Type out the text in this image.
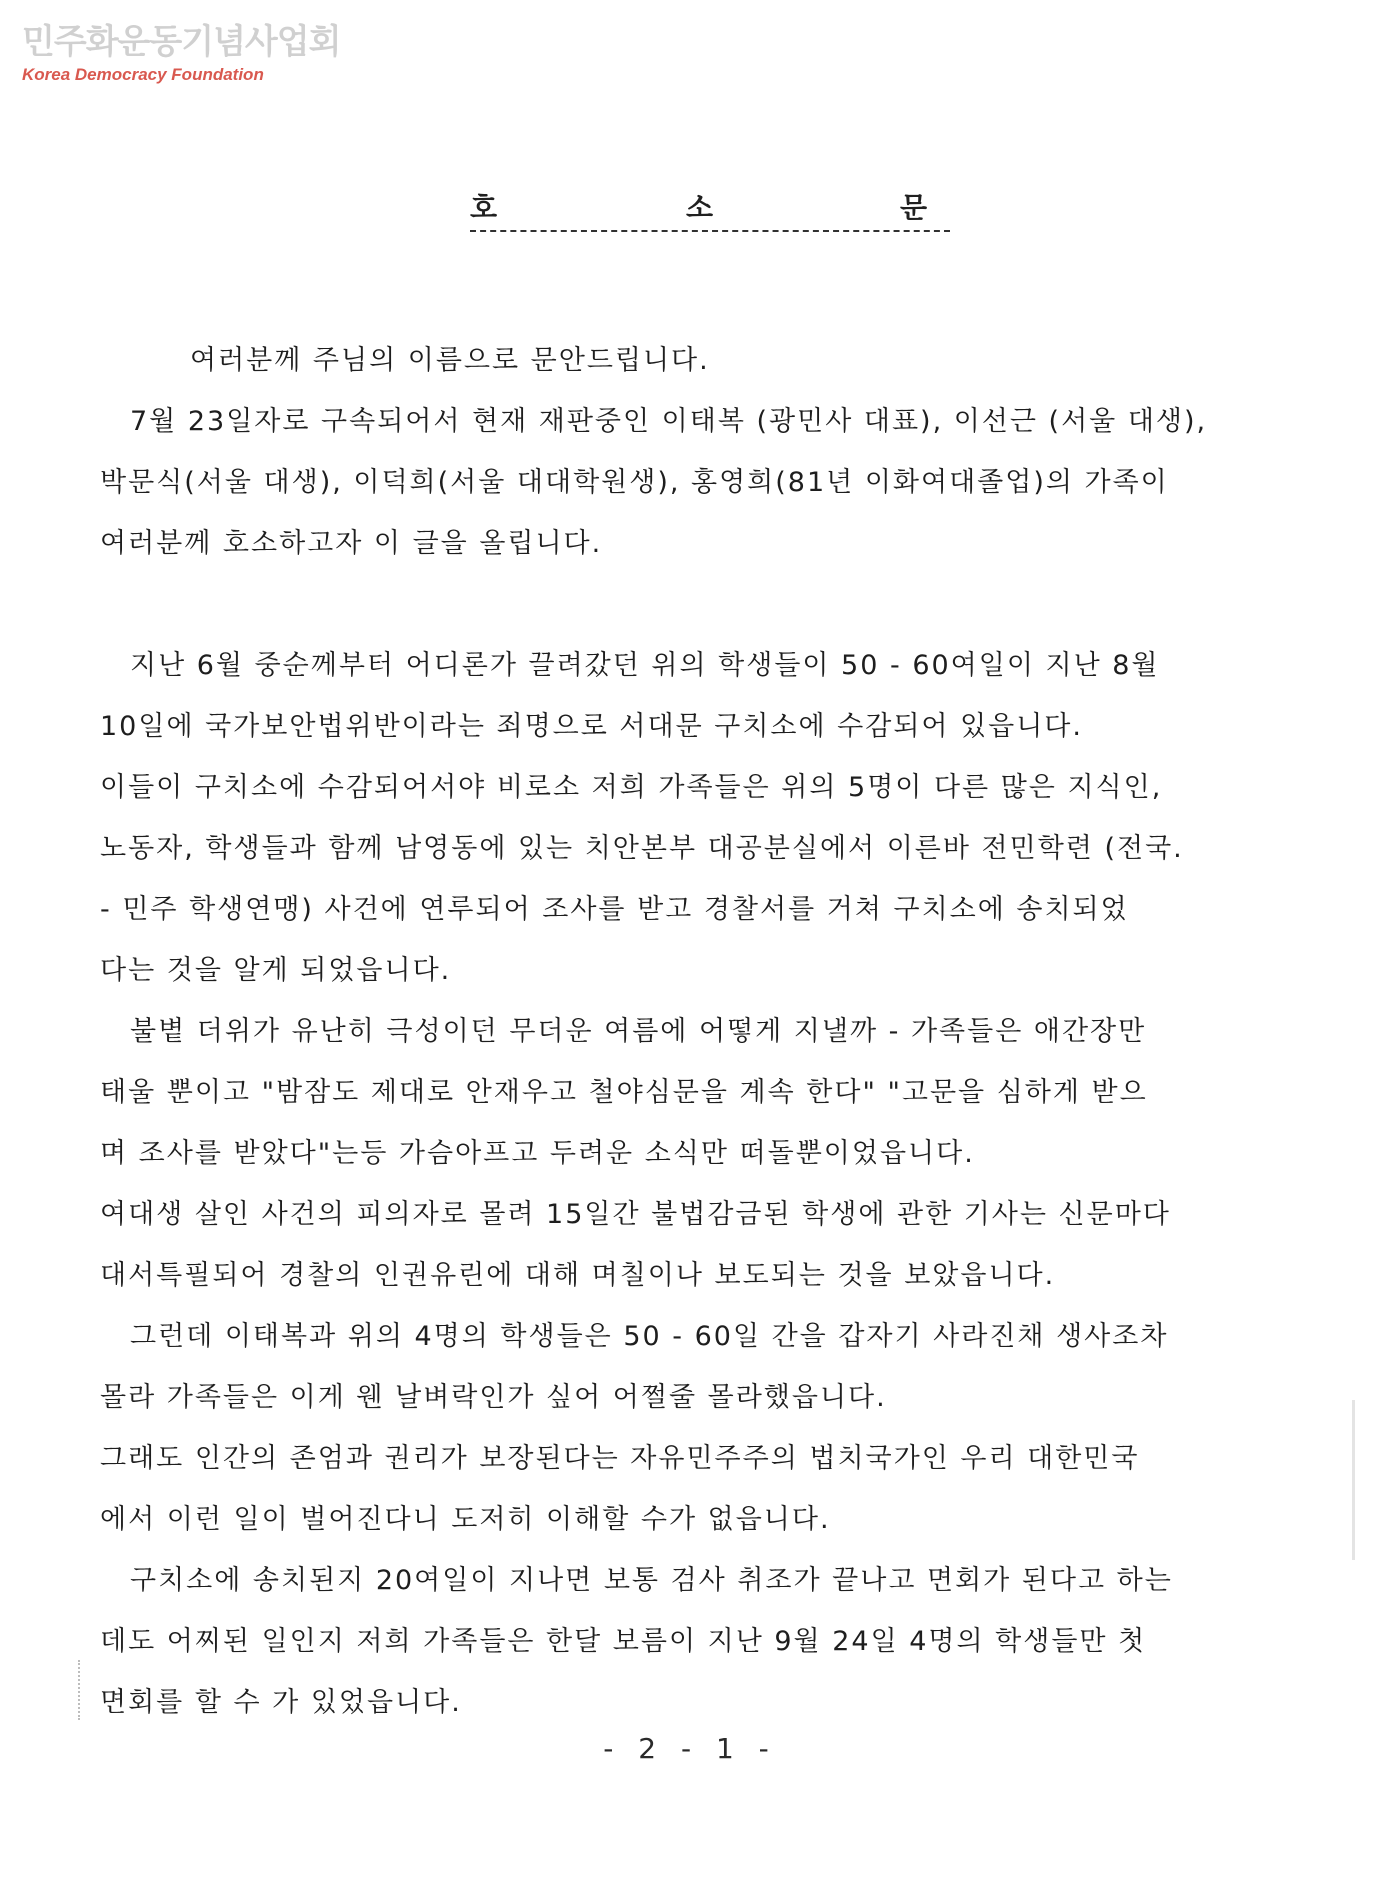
민주화운동기념사업회
Korea Democracy Foundation
호	소	문
여러분께 주님의 이름으로 문안드립니다.
7월 23일자로 구속되어서 현재 재판중인 이태복 (광민사 대표), 이선근 (서울 대생),
박문식(서울 대생), 이덕희(서울 대대학원생), 홍영희(81년 이화여대졸업)의 가족이
여러분께 호소하고자 이 글을 올립니다.
지난 6월 중순께부터 어디론가 끌려갔던 위의 학생들이 50 - 60여일이 지난 8월
10일에 국가보안법위반이라는 죄명으로 서대문 구치소에 수감되어 있읍니다.
이들이 구치소에 수감되어서야 비로소 저희 가족들은 위의 5명이 다른 많은 지식인,
노동자, 학생들과 함께 남영동에 있는 치안본부 대공분실에서 이른바 전민학련 (전국.
- 민주 학생연맹) 사건에 연루되어 조사를 받고 경찰서를 거쳐 구치소에 송치되었
다는 것을 알게 되었읍니다.
불볕 더위가 유난히 극성이던 무더운 여름에 어떻게 지낼까 - 가족들은 애간장만
태울 뿐이고 "밤잠도 제대로 안재우고 철야심문을 계속 한다" "고문을 심하게 받으
며 조사를 받았다"는등 가슴아프고 두려운 소식만 떠돌뿐이었읍니다.
여대생 살인 사건의 피의자로 몰려 15일간 불법감금된 학생에 관한 기사는 신문마다
대서특필되어 경찰의 인권유린에 대해 며칠이나 보도되는 것을 보았읍니다.
그런데 이태복과 위의 4명의 학생들은 50 - 60일 간을 갑자기 사라진채 생사조차
몰라 가족들은 이게 웬 날벼락인가 싶어 어쩔줄 몰라했읍니다.
그래도 인간의 존엄과 권리가 보장된다는 자유민주주의 법치국가인 우리 대한민국
에서 이런 일이 벌어진다니 도저히 이해할 수가 없읍니다.
구치소에 송치된지 20여일이 지나면 보통 검사 취조가 끝나고 면회가 된다고 하는
데도 어찌된 일인지 저희 가족들은 한달 보름이 지난 9월 24일 4명의 학생들만 첫
면회를 할 수 가 있었읍니다.
- 2 - 1 -
